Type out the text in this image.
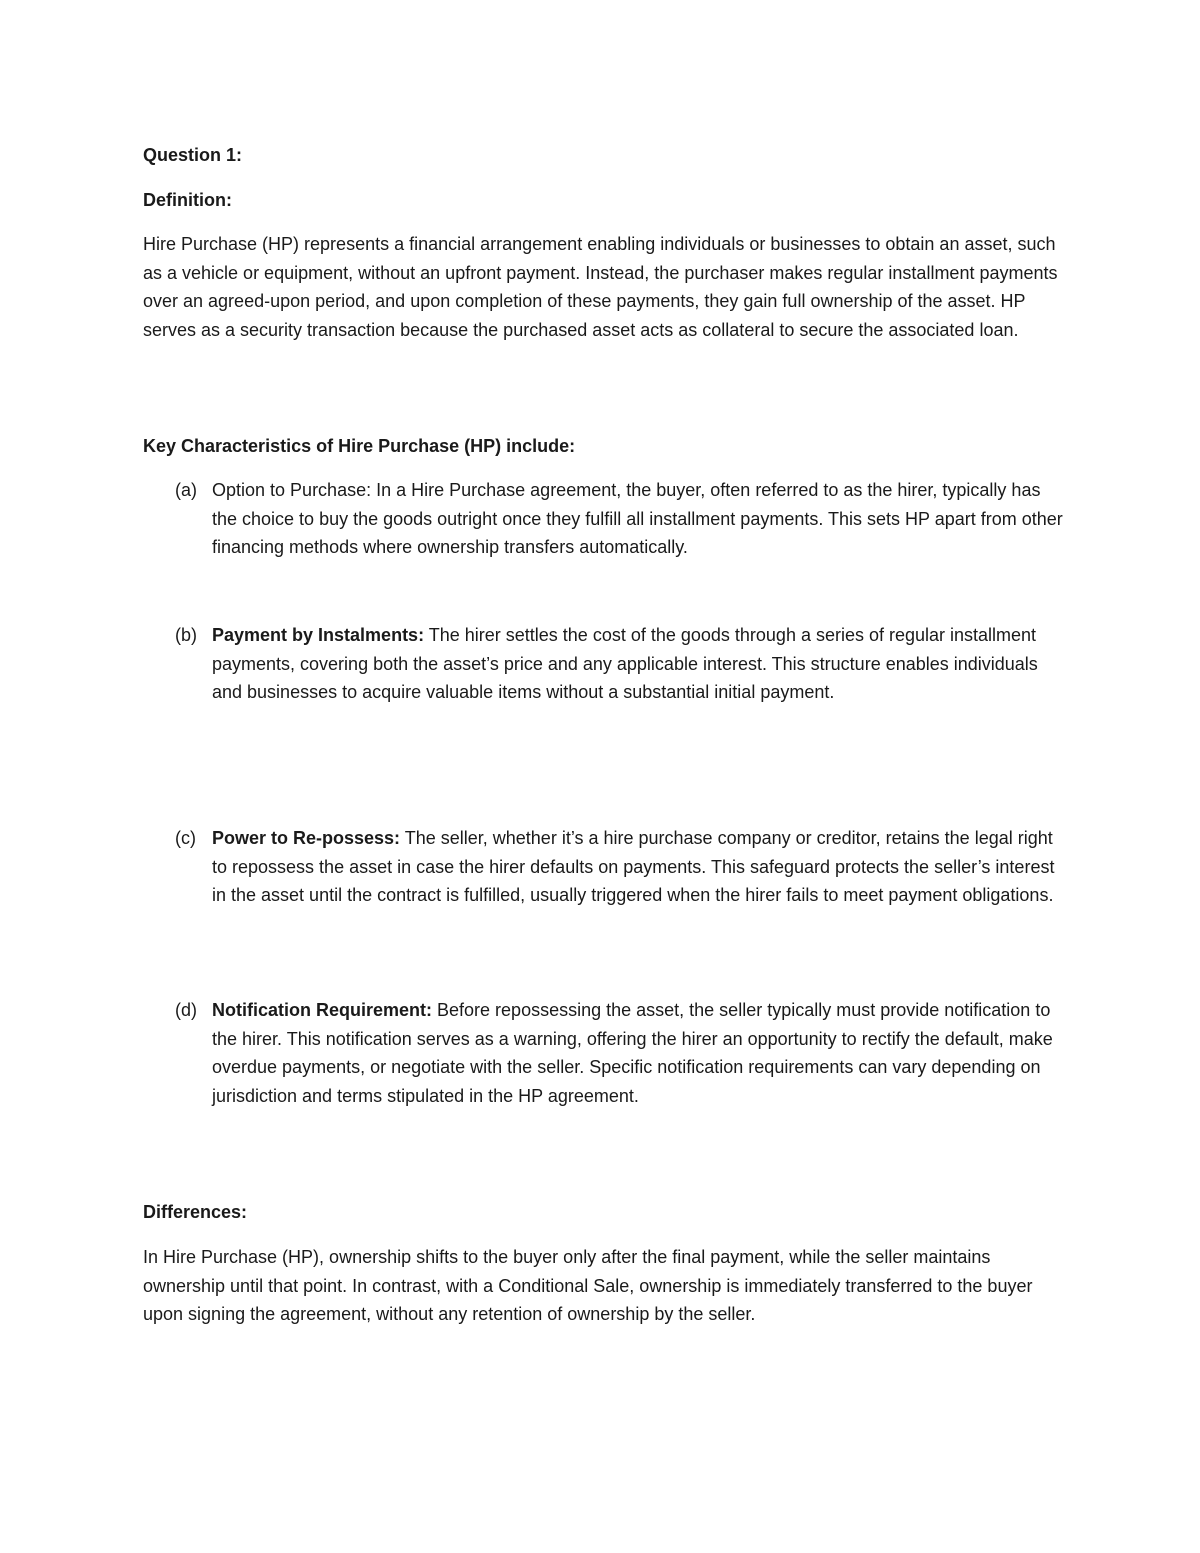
Question 1:
Definition:
Hire Purchase (HP) represents a financial arrangement enabling individuals or businesses to obtain an asset, such as a vehicle or equipment, without an upfront payment. Instead, the purchaser makes regular installment payments over an agreed-upon period, and upon completion of these payments, they gain full ownership of the asset. HP serves as a security transaction because the purchased asset acts as collateral to secure the associated loan.
Key Characteristics of Hire Purchase (HP) include:
(a) Option to Purchase: In a Hire Purchase agreement, the buyer, often referred to as the hirer, typically has the choice to buy the goods outright once they fulfill all installment payments. This sets HP apart from other financing methods where ownership transfers automatically.
(b) Payment by Instalments: The hirer settles the cost of the goods through a series of regular installment payments, covering both the asset’s price and any applicable interest. This structure enables individuals and businesses to acquire valuable items without a substantial initial payment.
(c) Power to Re-possess: The seller, whether it’s a hire purchase company or creditor, retains the legal right to repossess the asset in case the hirer defaults on payments. This safeguard protects the seller’s interest in the asset until the contract is fulfilled, usually triggered when the hirer fails to meet payment obligations.
(d) Notification Requirement: Before repossessing the asset, the seller typically must provide notification to the hirer. This notification serves as a warning, offering the hirer an opportunity to rectify the default, make overdue payments, or negotiate with the seller. Specific notification requirements can vary depending on jurisdiction and terms stipulated in the HP agreement.
Differences:
In Hire Purchase (HP), ownership shifts to the buyer only after the final payment, while the seller maintains ownership until that point. In contrast, with a Conditional Sale, ownership is immediately transferred to the buyer upon signing the agreement, without any retention of ownership by the seller.
